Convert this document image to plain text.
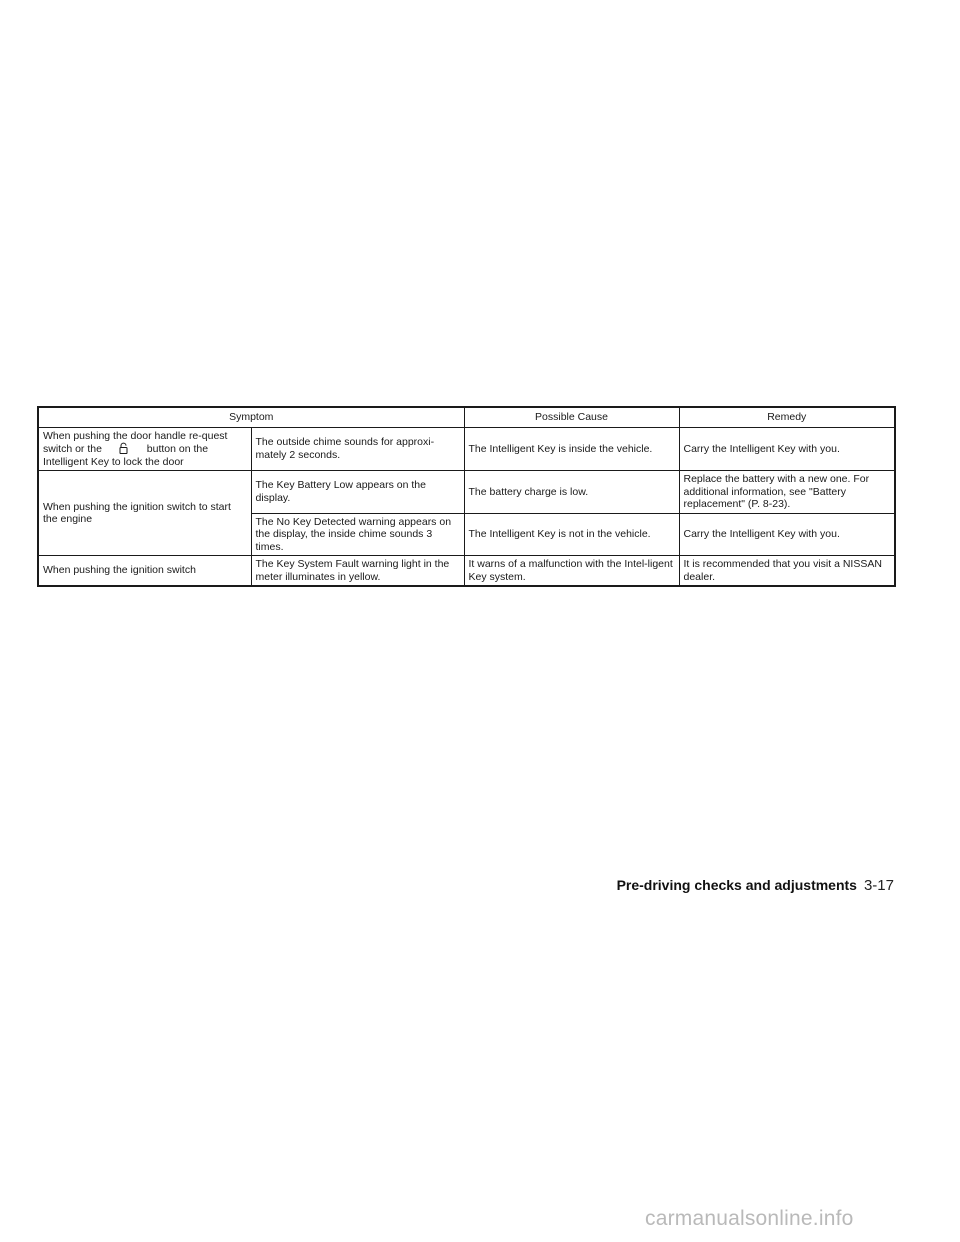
Symptom		Possible Cause	Remedy
When pushing the door handle re-quest switch or the button on the Intelligent Key to lock the door	The outside chime sounds for approxi-mately 2 seconds.	The Intelligent Key is inside the vehicle.	Carry the Intelligent Key with you.
When pushing the ignition switch to start the engine	The Key Battery Low appears on the display.	The battery charge is low.	Replace the battery with a new one. For additional information, see "Battery replacement" (P. 8-23).
	The No Key Detected warning appears on the display, the inside chime sounds 3 times.	The Intelligent Key is not in the vehicle.	Carry the Intelligent Key with you.
When pushing the ignition switch	The Key System Fault warning light in the meter illuminates in yellow.	It warns of a malfunction with the Intel-ligent Key system.	It is recommended that you visit a NISSAN dealer.
Pre-driving checks and adjustments 3-17
carmanualsonline.info
